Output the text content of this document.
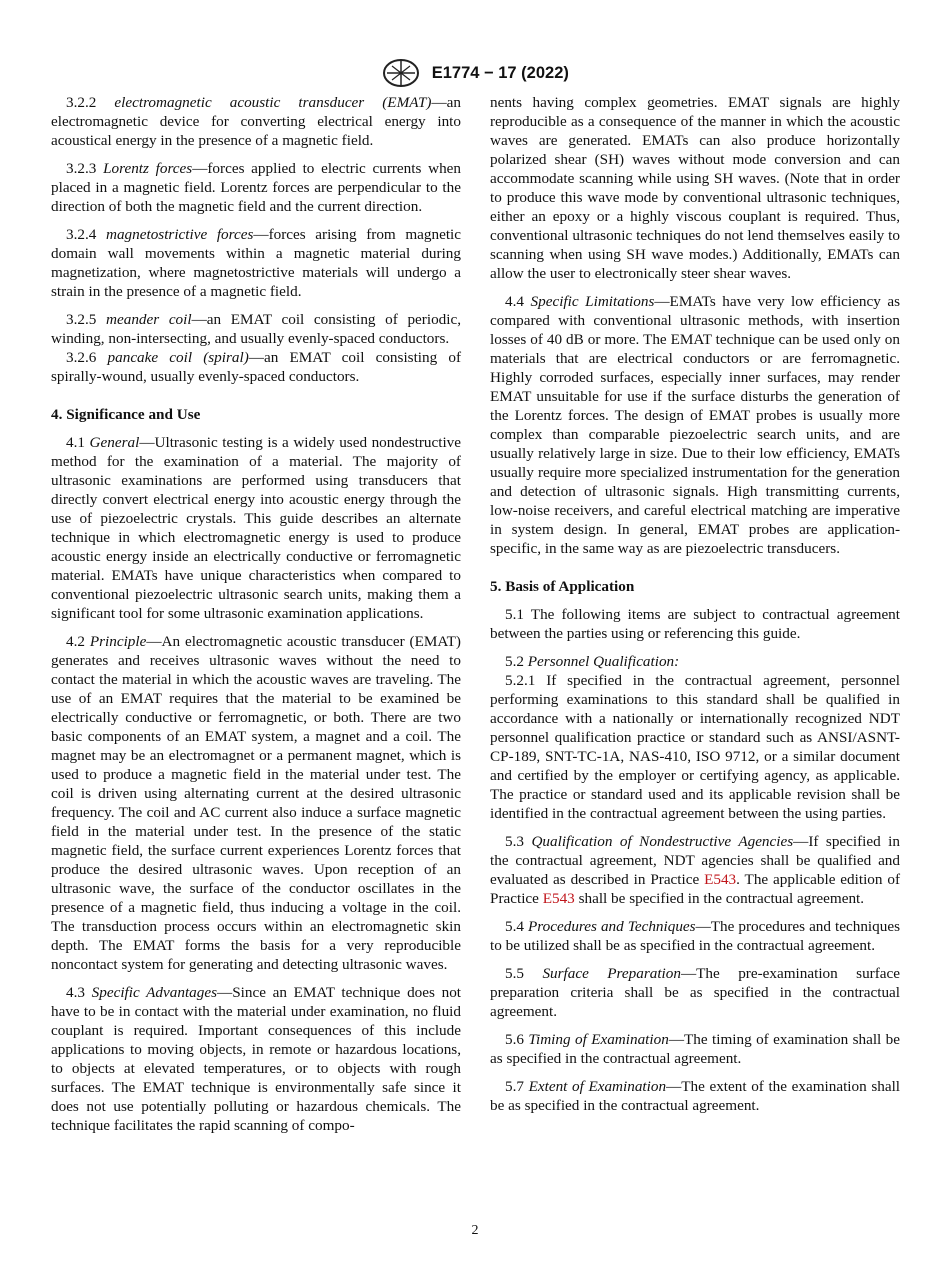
E1774 − 17 (2022)

3.2.2 electromagnetic acoustic transducer (EMAT)—an electromagnetic device for converting electrical energy into acoustical energy in the presence of a magnetic field.

3.2.3 Lorentz forces—forces applied to electric currents when placed in a magnetic field. Lorentz forces are perpendicular to the direction of both the magnetic field and the current direction.

3.2.4 magnetostrictive forces—forces arising from magnetic domain wall movements within a magnetic material during magnetization, where magnetostrictive materials will undergo a strain in the presence of a magnetic field.

3.2.5 meander coil—an EMAT coil consisting of periodic, winding, non-intersecting, and usually evenly-spaced conductors.

3.2.6 pancake coil (spiral)—an EMAT coil consisting of spirally-wound, usually evenly-spaced conductors.

4. Significance and Use

4.1 General—Ultrasonic testing is a widely used nondestructive method for the examination of a material. The majority of ultrasonic examinations are performed using transducers that directly convert electrical energy into acoustic energy through the use of piezoelectric crystals. This guide describes an alternate technique in which electromagnetic energy is used to produce acoustic energy inside an electrically conductive or ferromagnetic material. EMATs have unique characteristics when compared to conventional piezoelectric ultrasonic search units, making them a significant tool for some ultrasonic examination applications.

4.2 Principle—An electromagnetic acoustic transducer (EMAT) generates and receives ultrasonic waves without the need to contact the material in which the acoustic waves are traveling. The use of an EMAT requires that the material to be examined be electrically conductive or ferromagnetic, or both. There are two basic components of an EMAT system, a magnet and a coil. The magnet may be an electromagnet or a permanent magnet, which is used to produce a magnetic field in the material under test. The coil is driven using alternating current at the desired ultrasonic frequency. The coil and AC current also induce a surface magnetic field in the material under test. In the presence of the static magnetic field, the surface current experiences Lorentz forces that produce the desired ultrasonic waves. Upon reception of an ultrasonic wave, the surface of the conductor oscillates in the presence of a magnetic field, thus inducing a voltage in the coil. The transduction process occurs within an electromagnetic skin depth. The EMAT forms the basis for a very reproducible noncontact system for generating and detecting ultrasonic waves.

4.3 Specific Advantages—Since an EMAT technique does not have to be in contact with the material under examination, no fluid couplant is required. Important consequences of this include applications to moving objects, in remote or hazardous locations, to objects at elevated temperatures, or to objects with rough surfaces. The EMAT technique is environmentally safe since it does not use potentially polluting or hazardous chemicals. The technique facilitates the rapid scanning of compo-

nents having complex geometries. EMAT signals are highly reproducible as a consequence of the manner in which the acoustic waves are generated. EMATs can also produce horizontally polarized shear (SH) waves without mode conversion and can accommodate scanning while using SH waves. (Note that in order to produce this wave mode by conventional ultrasonic techniques, either an epoxy or a highly viscous couplant is required. Thus, conventional ultrasonic techniques do not lend themselves easily to scanning when using SH wave modes.) Additionally, EMATs can allow the user to electronically steer shear waves.

4.4 Specific Limitations—EMATs have very low efficiency as compared with conventional ultrasonic methods, with insertion losses of 40 dB or more. The EMAT technique can be used only on materials that are electrical conductors or are ferromagnetic. Highly corroded surfaces, especially inner surfaces, may render EMAT unsuitable for use if the surface disturbs the generation of the Lorentz forces. The design of EMAT probes is usually more complex than comparable piezoelectric search units, and are usually relatively large in size. Due to their low efficiency, EMATs usually require more specialized instrumentation for the generation and detection of ultrasonic signals. High transmitting currents, low-noise receivers, and careful electrical matching are imperative in system design. In general, EMAT probes are application-specific, in the same way as are piezoelectric transducers.

5. Basis of Application

5.1 The following items are subject to contractual agreement between the parties using or referencing this guide.

5.2 Personnel Qualification:

5.2.1 If specified in the contractual agreement, personnel performing examinations to this standard shall be qualified in accordance with a nationally or internationally recognized NDT personnel qualification practice or standard such as ANSI/ASNT-CP-189, SNT-TC-1A, NAS-410, ISO 9712, or a similar document and certified by the employer or certifying agency, as applicable. The practice or standard used and its applicable revision shall be identified in the contractual agreement between the using parties.

5.3 Qualification of Nondestructive Agencies—If specified in the contractual agreement, NDT agencies shall be qualified and evaluated as described in Practice E543. The applicable edition of Practice E543 shall be specified in the contractual agreement.

5.4 Procedures and Techniques—The procedures and techniques to be utilized shall be as specified in the contractual agreement.

5.5 Surface Preparation—The pre-examination surface preparation criteria shall be as specified in the contractual agreement.

5.6 Timing of Examination—The timing of examination shall be as specified in the contractual agreement.

5.7 Extent of Examination—The extent of the examination shall be as specified in the contractual agreement.

2
